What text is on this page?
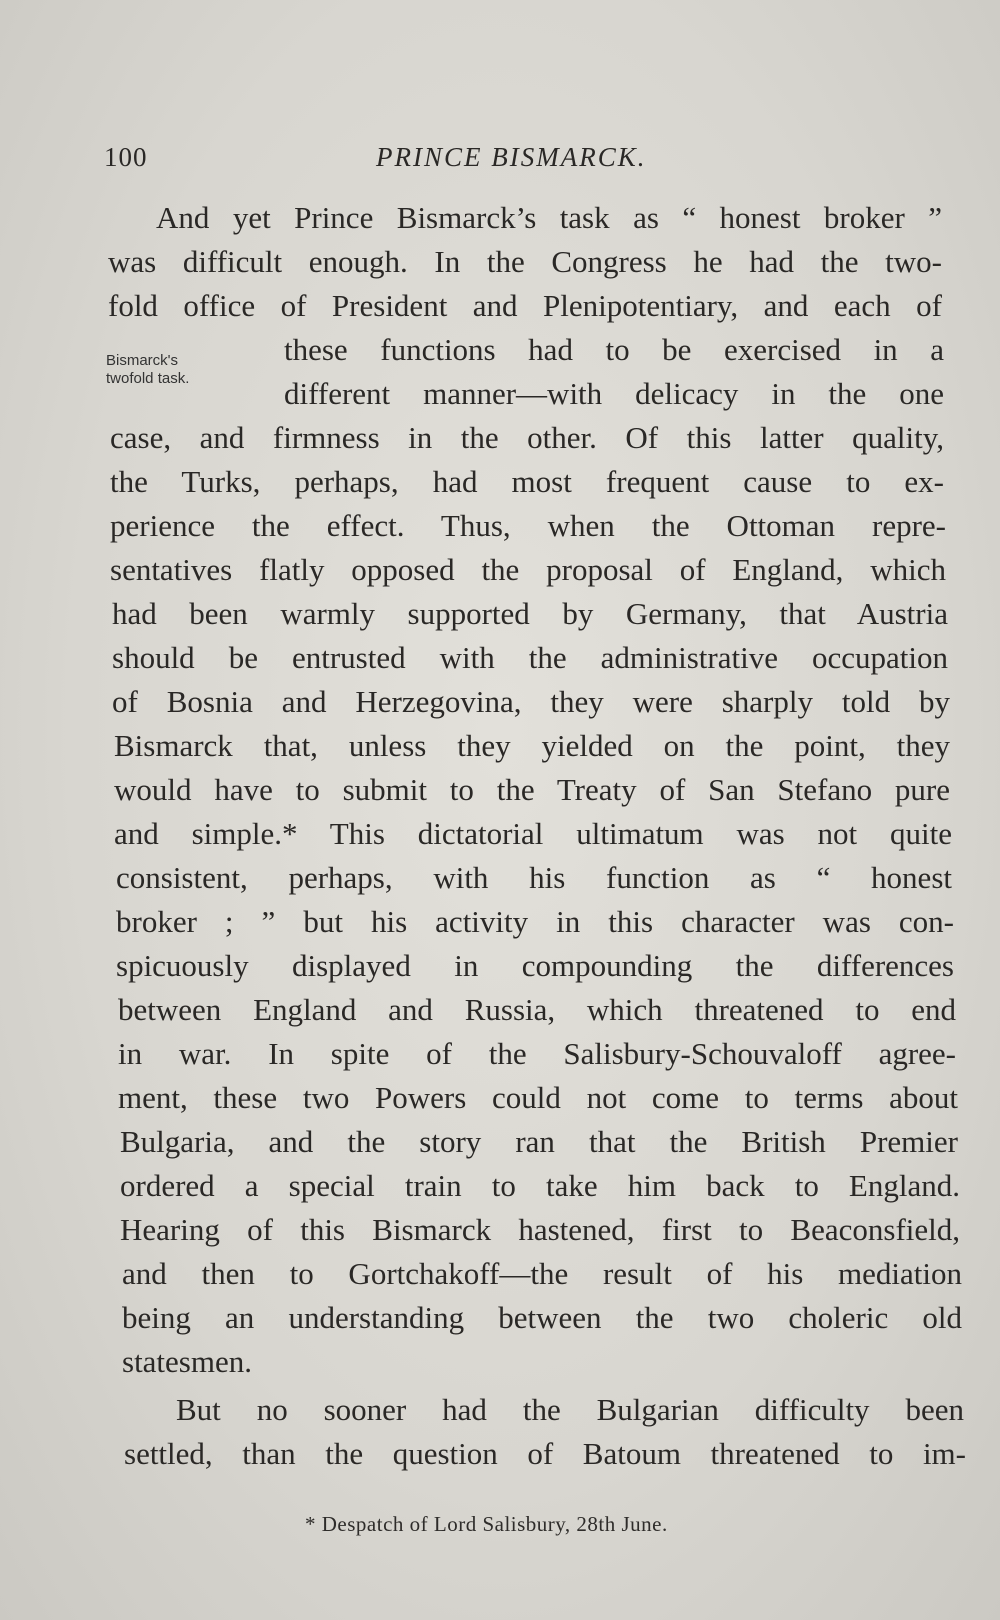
100	PRINCE BISMARCK.
Bismarck's
twofold task.
And yet Prince Bismarck’s task as “ honest broker ”
was difficult enough. In the Congress he had the two-
fold office of President and Plenipotentiary, and each of
these functions had to be exercised in a
different manner—with delicacy in the one
case, and firmness in the other. Of this latter quality,
the Turks, perhaps, had most frequent cause to ex-
perience the effect. Thus, when the Ottoman repre-
sentatives flatly opposed the proposal of England, which
had been warmly supported by Germany, that Austria
should be entrusted with the administrative occupation
of Bosnia and Herzegovina, they were sharply told by
Bismarck that, unless they yielded on the point, they
would have to submit to the Treaty of San Stefano pure
and simple.* This dictatorial ultimatum was not quite
consistent, perhaps, with his function as “ honest
broker ; ” but his activity in this character was con-
spicuously displayed in compounding the differences
between England and Russia, which threatened to end
in war. In spite of the Salisbury-Schouvaloff agree-
ment, these two Powers could not come to terms about
Bulgaria, and the story ran that the British Premier
ordered a special train to take him back to England.
Hearing of this Bismarck hastened, first to Beaconsfield,
and then to Gortchakoff—the result of his mediation
being an understanding between the two choleric old
statesmen.
But no sooner had the Bulgarian difficulty been
settled, than the question of Batoum threatened to im-
* Despatch of Lord Salisbury, 28th June.
